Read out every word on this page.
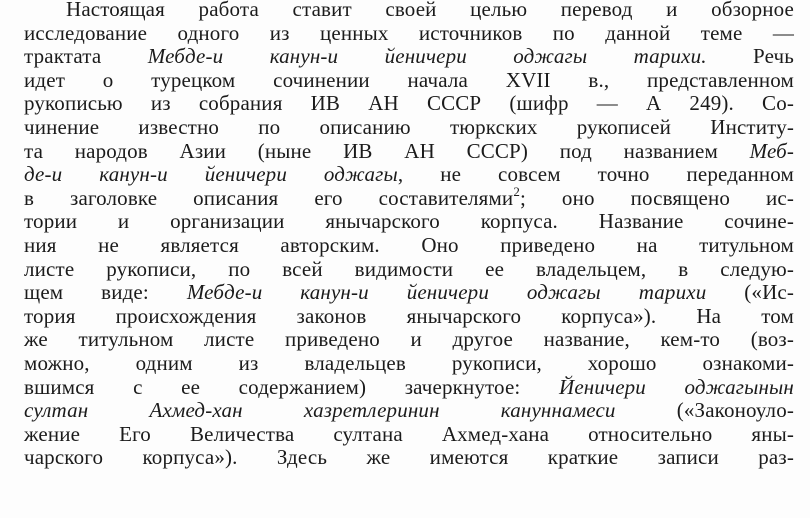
Настоящая работа ставит своей целью перевод и обзорное
исследование одного из ценных источников по данной теме —
трактата Мебде-и канун-и йеничери оджагы тарихи. Речь
идет о турецком сочинении начала XVII в., представленном
рукописью из собрания ИВ АН СССР (шифр — А 249). Со-
чинение известно по описанию тюркских рукописей Институ-
та народов Азии (ныне ИВ АН СССР) под названием Меб-
де-и канун-и йеничери оджагы, не совсем точно переданном
в заголовке описания его составителями$^2$; оно посвящено ис-
тории и организации янычарского корпуса. Название сочине-
ния не является авторским. Оно приведено на титульном
листе рукописи, по всей видимости ее владельцем, в следую-
щем виде: Мебде-и канун-и йеничери оджагы тарихи («Ис-
тория происхождения законов янычарского корпуса»). На том
же титульном листе приведено и другое название, кем-то (воз-
можно, одним из владельцев рукописи, хорошо ознакоми-
вшимся с ее содержанием) зачеркнутое: Йеничери оджагынын
султан Ахмед-хан хазретлеринин кануннамеси («Законоуло-
жение Его Величества султана Ахмед-хана относительно яны-
чарского корпуса»). Здесь же имеются краткие записи раз-
